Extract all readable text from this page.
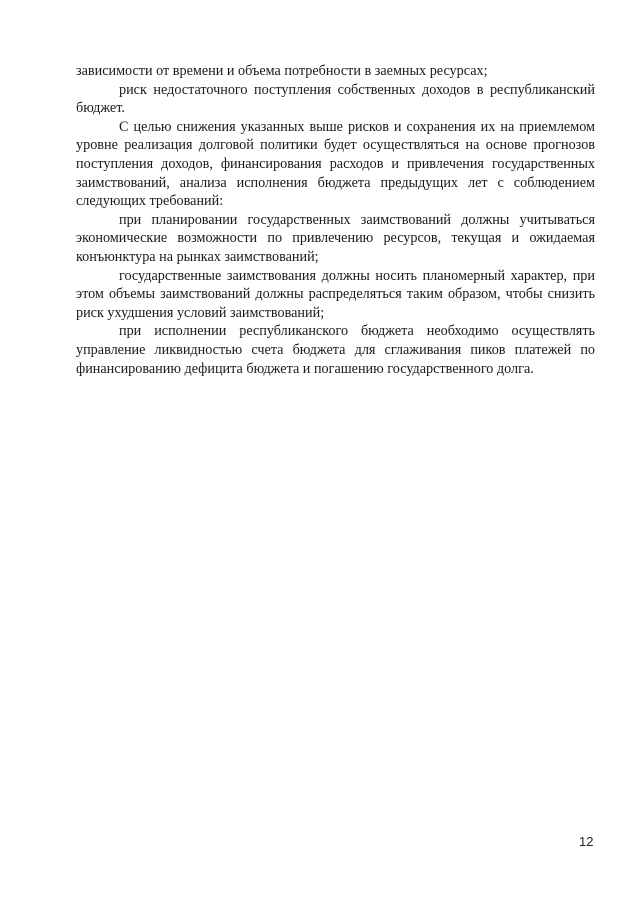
зависимости от времени и объема потребности в заемных ресурсах;

риск недостаточного поступления собственных доходов в республиканский бюджет.

С целью снижения указанных выше рисков и сохранения их на приемлемом уровне реализация долговой политики будет осуществляться на основе прогнозов поступления доходов, финансирования расходов и привлечения государственных заимствований, анализа исполнения бюджета предыдущих лет с соблюдением следующих требований:

при планировании государственных заимствований должны учитываться экономические возможности по привлечению ресурсов, текущая и ожидаемая конъюнктура на рынках заимствований;

государственные заимствования должны носить планомерный характер, при этом объемы заимствований должны распределяться таким образом, чтобы снизить риск ухудшения условий заимствований;

при исполнении республиканского бюджета необходимо осуществлять управление ликвидностью счета бюджета для сглаживания пиков платежей по финансированию дефицита бюджета и погашению государственного долга.

12
